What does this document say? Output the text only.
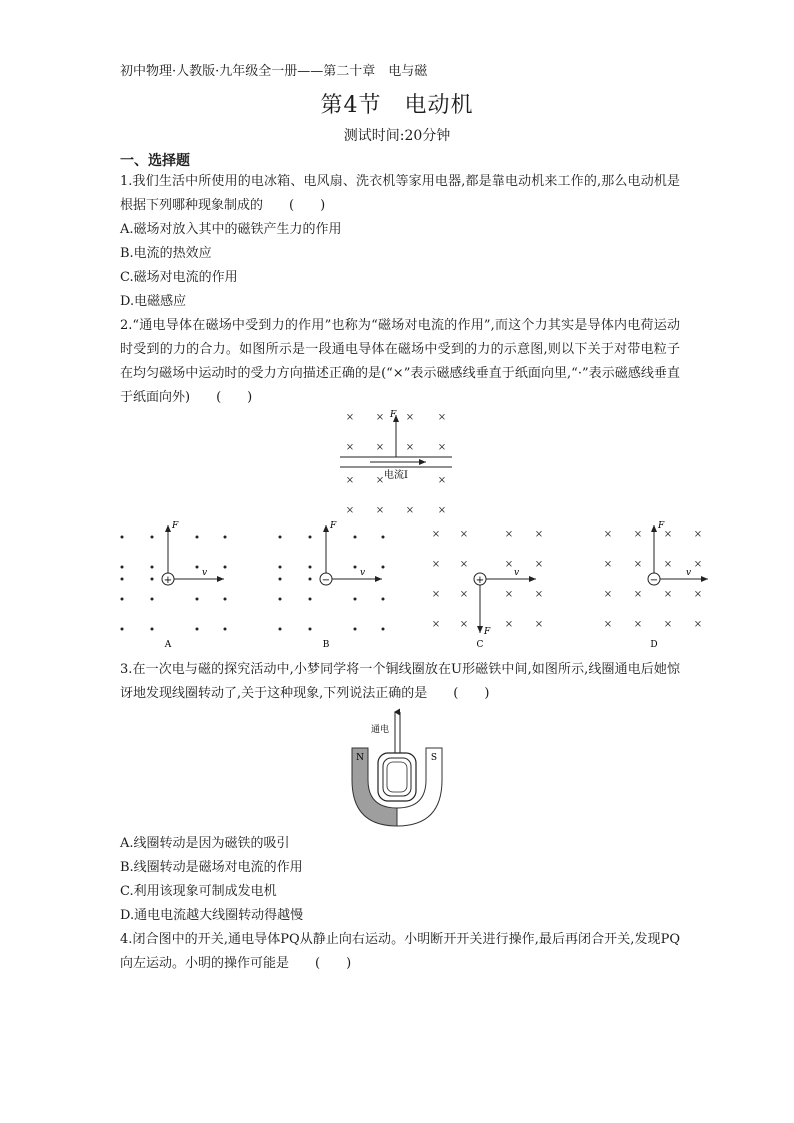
初中物理·人教版·九年级全一册——第二十章　电与磁
第4节　电动机
测试时间:20分钟
一、选择题
1.我们生活中所使用的电冰箱、电风扇、洗衣机等家用电器,都是靠电动机来工作的,那么电动机是根据下列哪种现象制成的　　(　　)
A.磁场对放入其中的磁铁产生力的作用
B.电流的热效应
C.磁场对电流的作用
D.电磁感应
2.“通电导体在磁场中受到力的作用”也称为“磁场对电流的作用”,而这个力其实是导体内电荷运动时受到的力的合力。如图所示是一段通电导体在磁场中受到的力的示意图,则以下关于对带电粒子在均匀磁场中运动时的受力方向描述正确的是(“×”表示磁感线垂直于纸面向里,“·”表示磁感线垂直于纸面向外)　　(　　)
× × × ×
× × × ×
× ×	×
× × × ×
F
电流I
+
F
v
A
−
F
v
B
× ×	× ×
× ×	× ×
× ×	× ×
× ×	× ×
+
F
v
C
× × × ×
× × × ×
× × × ×
× × × ×
−
F
v
D
3.在一次电与磁的探究活动中,小梦同学将一个铜线圈放在U形磁铁中间,如图所示,线圈通电后她惊讶地发现线圈转动了,关于这种现象,下列说法正确的是　　(　　)
N	S
通电
A.线圈转动是因为磁铁的吸引
B.线圈转动是磁场对电流的作用
C.利用该现象可制成发电机
D.通电电流越大线圈转动得越慢
4.闭合图中的开关,通电导体PQ从静止向右运动。小明断开开关进行操作,最后再闭合开关,发现PQ向左运动。小明的操作可能是　　(　　)
